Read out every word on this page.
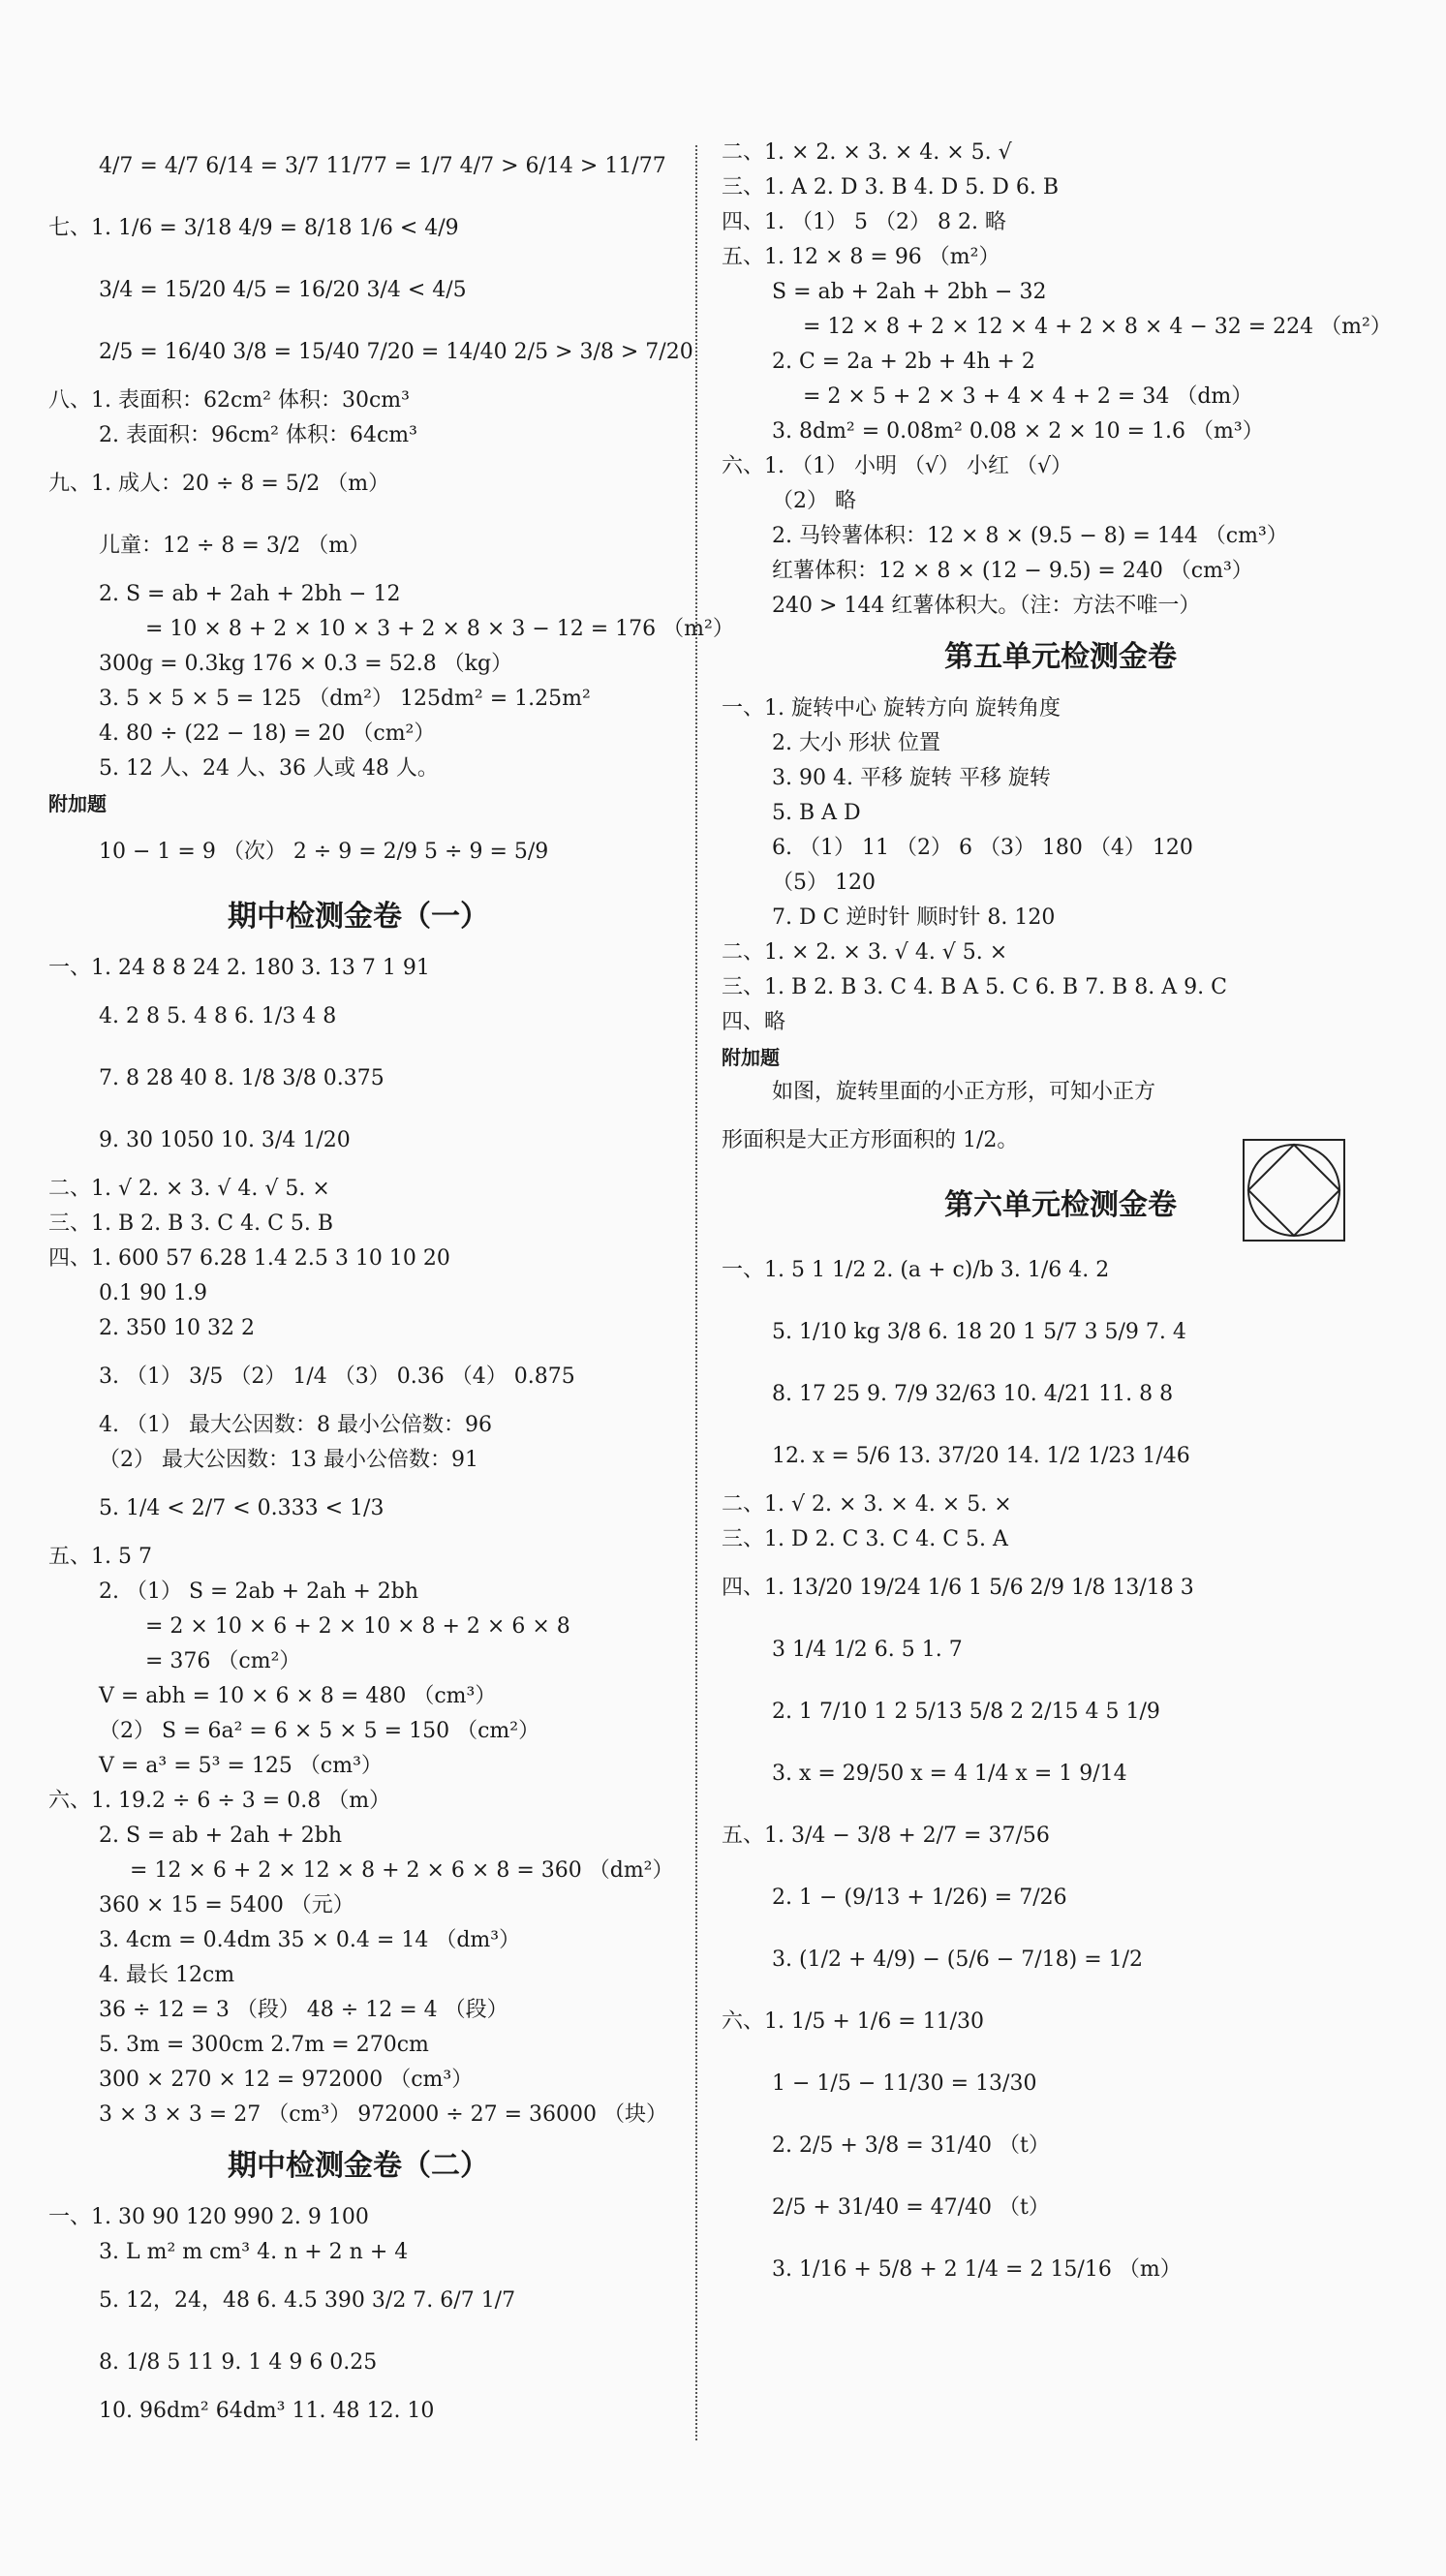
4/7 = 4/7 6/14 = 3/7 11/77 = 1/7 4/7 > 6/14 > 11/77
七、1. 1/6 = 3/18 4/9 = 8/18 1/6 < 4/9
3/4 = 15/20 4/5 = 16/20 3/4 < 4/5
2/5 = 16/40 3/8 = 15/40 7/20 = 14/40 2/5 > 3/8 > 7/20
八、1. 表面积：62cm² 体积：30cm³
2. 表面积：96cm² 体积：64cm³
九、1. 成人：20 ÷ 8 = 5/2 （m）
儿童：12 ÷ 8 = 3/2 （m）
2. S = ab + 2ah + 2bh − 12
= 10 × 8 + 2 × 10 × 3 + 2 × 8 × 3 − 12 = 176 （m²）
300g = 0.3kg 176 × 0.3 = 52.8 （kg）
3. 5 × 5 × 5 = 125 （dm²） 125dm² = 1.25m²
4. 80 ÷ (22 − 18) = 20 （cm²）
5. 12 人、24 人、36 人或 48 人。
附加题
10 − 1 = 9 （次） 2 ÷ 9 = 2/9 5 ÷ 9 = 5/9
期中检测金卷（一）
一、1. 24 8 8 24 2. 180 3. 13 7 1 91
4. 2 8 5. 4 8 6. 1/3 4 8
7. 8 28 40 8. 1/8 3/8 0.375
9. 30 1050 10. 3/4 1/20
二、1. √ 2. × 3. √ 4. √ 5. ×
三、1. B 2. B 3. C 4. C 5. B
四、1. 600 57 6.28 1.4 2.5 3 10 10 20
0.1 90 1.9
2. 350 10 32 2
3. （1） 3/5 （2） 1/4 （3） 0.36 （4） 0.875
4. （1） 最大公因数：8 最小公倍数：96
（2） 最大公因数：13 最小公倍数：91
5. 1/4 < 2/7 < 0.333 < 1/3
五、1. 5 7
2. （1） S = 2ab + 2ah + 2bh
= 2 × 10 × 6 + 2 × 10 × 8 + 2 × 6 × 8
= 376 （cm²）
V = abh = 10 × 6 × 8 = 480 （cm³）
（2） S = 6a² = 6 × 5 × 5 = 150 （cm²）
V = a³ = 5³ = 125 （cm³）
六、1. 19.2 ÷ 6 ÷ 3 = 0.8 （m）
2. S = ab + 2ah + 2bh
= 12 × 6 + 2 × 12 × 8 + 2 × 6 × 8 = 360 （dm²）
360 × 15 = 5400 （元）
3. 4cm = 0.4dm 35 × 0.4 = 14 （dm³）
4. 最长 12cm
36 ÷ 12 = 3 （段） 48 ÷ 12 = 4 （段）
5. 3m = 300cm 2.7m = 270cm
300 × 270 × 12 = 972000 （cm³）
3 × 3 × 3 = 27 （cm³） 972000 ÷ 27 = 36000 （块）
期中检测金卷（二）
一、1. 30 90 120 990 2. 9 100
3. L m² m cm³ 4. n + 2 n + 4
5. 12，24，48 6. 4.5 390 3/2 7. 6/7 1/7
8. 1/8 5 11 9. 1 4 9 6 0.25
10. 96dm² 64dm³ 11. 48 12. 10
二、1. × 2. × 3. × 4. × 5. √
三、1. A 2. D 3. B 4. D 5. D 6. B
四、1. （1） 5 （2） 8 2. 略
五、1. 12 × 8 = 96 （m²）
S = ab + 2ah + 2bh − 32
= 12 × 8 + 2 × 12 × 4 + 2 × 8 × 4 − 32 = 224 （m²）
2. C = 2a + 2b + 4h + 2
= 2 × 5 + 2 × 3 + 4 × 4 + 2 = 34 （dm）
3. 8dm² = 0.08m² 0.08 × 2 × 10 = 1.6 （m³）
六、1. （1） 小明 （√） 小红 （√）
（2） 略
2. 马铃薯体积：12 × 8 × (9.5 − 8) = 144 （cm³）
红薯体积：12 × 8 × (12 − 9.5) = 240 （cm³）
240 > 144 红薯体积大。（注：方法不唯一）
第五单元检测金卷
一、1. 旋转中心 旋转方向 旋转角度
2. 大小 形状 位置
3. 90 4. 平移 旋转 平移 旋转
5. B A D
6. （1） 11 （2） 6 （3） 180 （4） 120
（5） 120
7. D C 逆时针 顺时针 8. 120
二、1. × 2. × 3. √ 4. √ 5. ×
三、1. B 2. B 3. C 4. B A 5. C 6. B 7. B 8. A 9. C
四、略
附加题
如图，旋转里面的小正方形，可知小正方
形面积是大正方形面积的 1/2。
第六单元检测金卷
一、1. 5 1 1/2 2. (a + c)/b 3. 1/6 4. 2
5. 1/10 kg 3/8 6. 18 20 1 5/7 3 5/9 7. 4
8. 17 25 9. 7/9 32/63 10. 4/21 11. 8 8
12. x = 5/6 13. 37/20 14. 1/2 1/23 1/46
二、1. √ 2. × 3. × 4. × 5. ×
三、1. D 2. C 3. C 4. C 5. A
四、1. 13/20 19/24 1/6 1 5/6 2/9 1/8 13/18 3
3 1/4 1/2 6. 5 1. 7
2. 1 7/10 1 2 5/13 5/8 2 2/15 4 5 1/9
3. x = 29/50 x = 4 1/4 x = 1 9/14
五、1. 3/4 − 3/8 + 2/7 = 37/56
2. 1 − (9/13 + 1/26) = 7/26
3. (1/2 + 4/9) − (5/6 − 7/18) = 1/2
六、1. 1/5 + 1/6 = 11/30
1 − 1/5 − 11/30 = 13/30
2. 2/5 + 3/8 = 31/40 （t）
2/5 + 31/40 = 47/40 （t）
3. 1/16 + 5/8 + 2 1/4 = 2 15/16 （m）
